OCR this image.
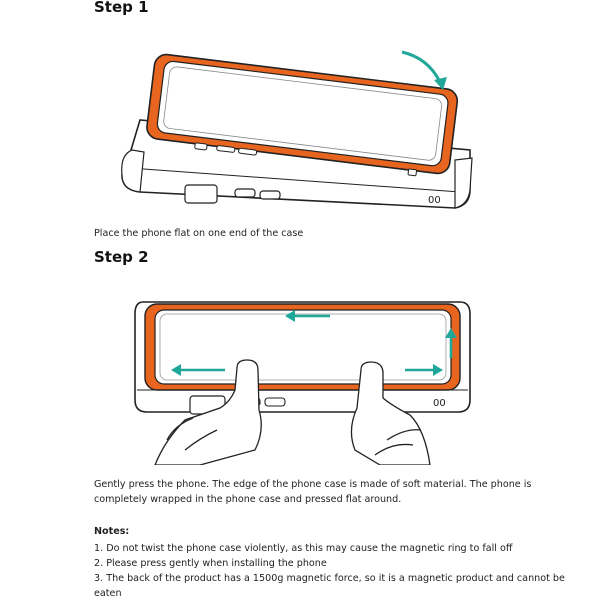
Step 1
00
Place the phone flat on one end of the case
Step 2
00
Gently press the phone. The edge of the phone case is made of soft material. The phone is
completely wrapped in the phone case and pressed flat around.
Notes:
1. Do not twist the phone case violently, as this may cause the magnetic ring to fall off
2. Please press gently when installing the phone
3. The back of the product has a 1500g magnetic force, so it is a magnetic product and cannot be
eaten
